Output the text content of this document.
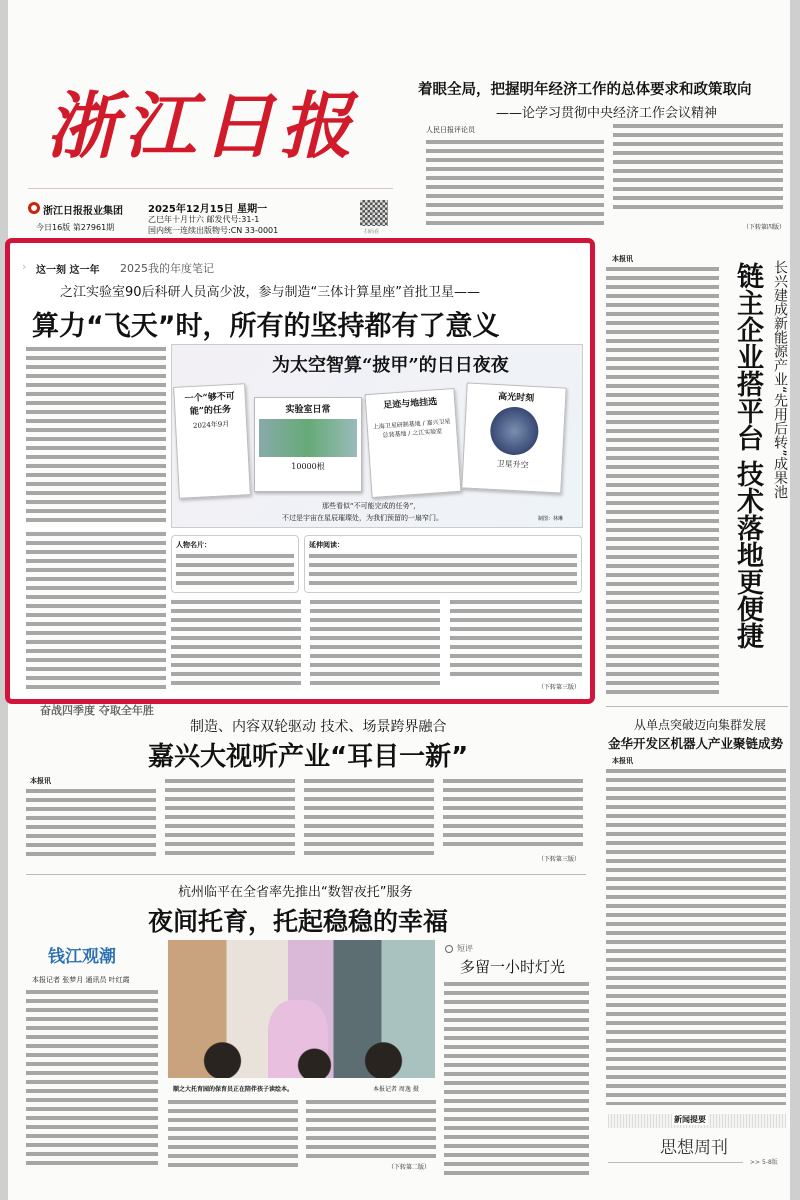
浙江日报
浙江日报报业集团
今日16版 第27961期
2025年12月15日 星期一
乙巳年十月廿六 邮发代号:31-1
国内统一连续出版物号:CN 33-0001	扫码看
着眼全局，把握明年经济工作的总体要求和政策取向
——论学习贯彻中央经济工作会议精神
人民日报评论员
（下转第四版）
› 这一刻 这一年 2025我的年度笔记
之江实验室90后科研人员高少波，参与制造“三体计算星座”首批卫星——
算力“飞天”时，所有的坚持都有了意义
为太空智算“披甲”的日日夜夜
一个“够不可能”的任务
2024年9月
实验室日常
10000根
足迹与地挂选
上海卫星研制基地 / 嘉兴卫星总装基地 / 之江实验室
高光时刻
卫星升空
那些看似“不可能完成的任务”，
不过是宇宙在星辰璀璨处，为我们预留的一扇窄门。	制图：林琳
人物名片：	延伸阅读：
（下转第三版）
本报讯
长兴建成新能源产业“先用后转”成果池
链主企业搭平台 技术落地更便捷
奋战四季度 夺取全年胜
制造、内容双轮驱动 技术、场景跨界融合
嘉兴大视听产业“耳目一新”
本报讯
（下转第三版）
从单点突破迈向集群发展
金华开发区机器人产业聚链成势
本报讯
杭州临平在全省率先推出“数智夜托”服务
夜间托育，托起稳稳的幸福
钱江观潮
本报记者 张梦月 通讯员 叶红霞
顺之大托育园的保育员正在陪伴孩子读绘本。	本报记者 周逸 摄
（下转第二版）
短评
多留一小时灯光
新闻提要
思想周刊
>> 5-8版
